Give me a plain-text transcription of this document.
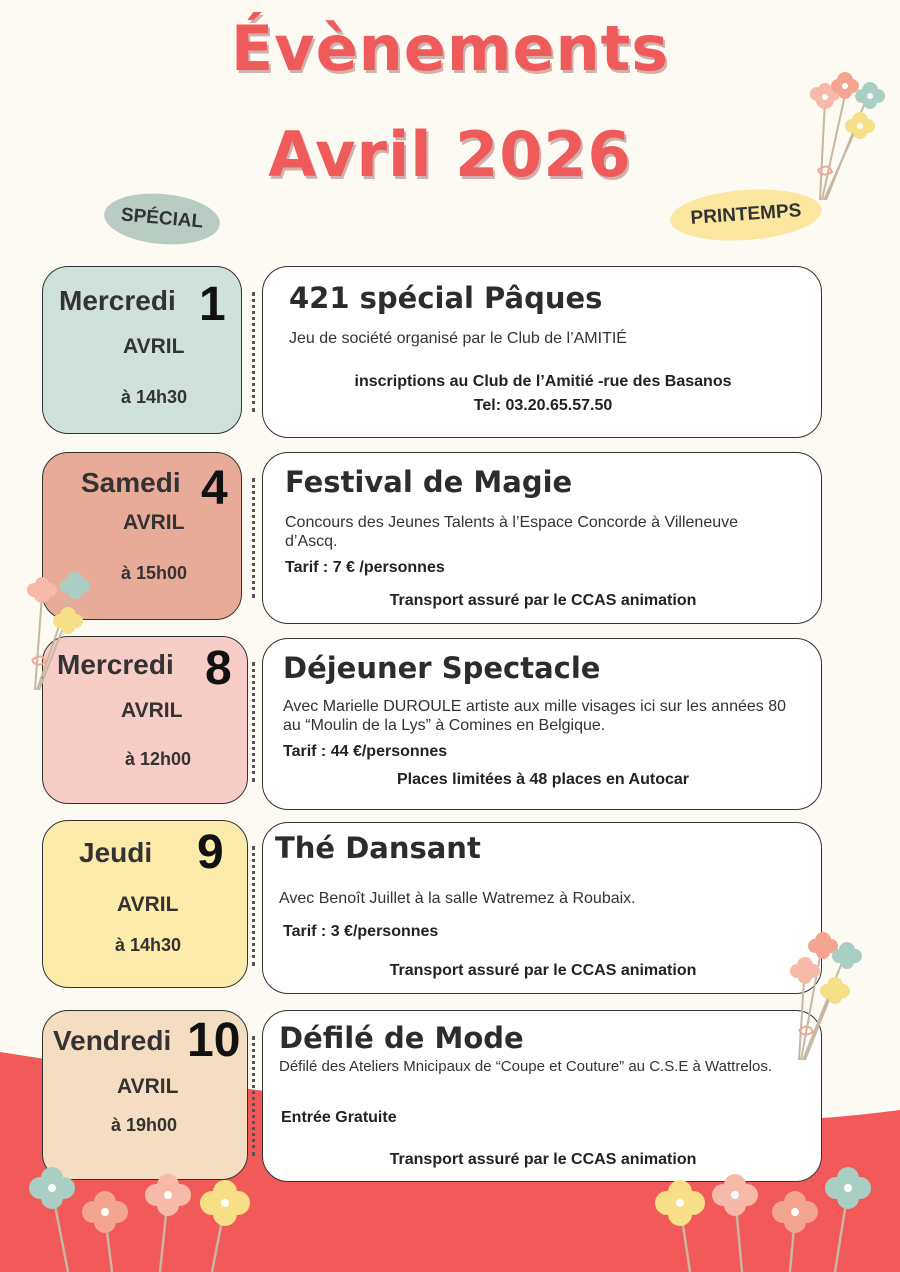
Évènements
Avril 2026
SPÉCIAL	PRINTEMPS
Mercredi 1
AVRIL
à 14h30
421 spécial Pâques
Jeu de société organisé par le Club de l’AMITIÉ
inscriptions au Club de l’Amitié -rue des Basanos
Tel: 03.20.65.57.50
Samedi 4
AVRIL
à 15h00
Festival de Magie
Concours des Jeunes Talents à l’Espace Concorde à Villeneuve d’Ascq.
Tarif : 7 € /personnes
Transport assuré par le CCAS animation
Mercredi 8
AVRIL
à 12h00
Déjeuner Spectacle
Avec Marielle DUROULE artiste aux mille visages ici sur les années 80 au “Moulin de la Lys” à Comines en Belgique.
Tarif : 44 €/personnes
Places limitées à 48 places en Autocar
Jeudi 9
AVRIL
à 14h30
Thé Dansant
Avec Benoît Juillet à la salle Watremez à Roubaix.
Tarif : 3 €/personnes
Transport assuré par le CCAS animation
Vendredi 10
AVRIL
à 19h00
Défilé de Mode
Défilé des Ateliers Mnicipaux de “Coupe et Couture” au C.S.E à Wattrelos.
Entrée Gratuite
Transport assuré par le CCAS animation
